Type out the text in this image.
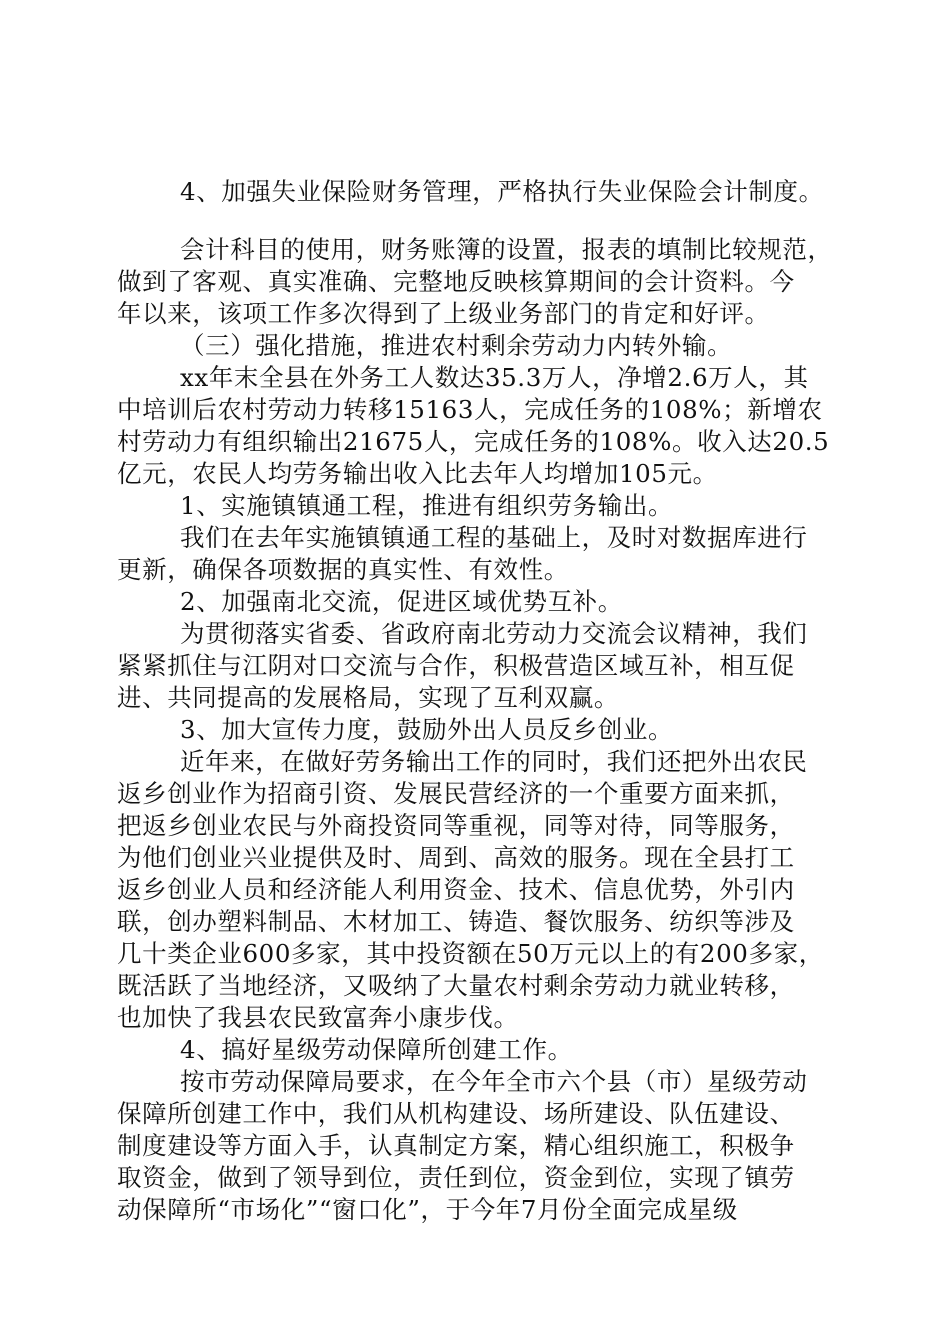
4、加强失业保险财务管理，严格执行失业保险会计制度。
会计科目的使用，财务账簿的设置，报表的填制比较规范，
做到了客观、真实准确、完整地反映核算期间的会计资料。今
年以来，该项工作多次得到了上级业务部门的肯定和好评。
（三）强化措施，推进农村剩余劳动力内转外输。
xx年末全县在外务工人数达35.3万人，净增2.6万人，其
中培训后农村劳动力转移15163人，完成任务的108%；新增农
村劳动力有组织输出21675人，完成任务的108%。收入达20.5
亿元，农民人均劳务输出收入比去年人均增加105元。
1、实施镇镇通工程，推进有组织劳务输出。
我们在去年实施镇镇通工程的基础上，及时对数据库进行
更新，确保各项数据的真实性、有效性。
2、加强南北交流，促进区域优势互补。
为贯彻落实省委、省政府南北劳动力交流会议精神，我们
紧紧抓住与江阴对口交流与合作，积极营造区域互补，相互促
进、共同提高的发展格局，实现了互利双赢。
3、加大宣传力度，鼓励外出人员反乡创业。
近年来，在做好劳务输出工作的同时，我们还把外出农民
返乡创业作为招商引资、发展民营经济的一个重要方面来抓，
把返乡创业农民与外商投资同等重视，同等对待，同等服务，
为他们创业兴业提供及时、周到、高效的服务。现在全县打工
返乡创业人员和经济能人利用资金、技术、信息优势，外引内
联，创办塑料制品、木材加工、铸造、餐饮服务、纺织等涉及
几十类企业600多家，其中投资额在50万元以上的有200多家，
既活跃了当地经济，又吸纳了大量农村剩余劳动力就业转移，
也加快了我县农民致富奔小康步伐。
4、搞好星级劳动保障所创建工作。
按市劳动保障局要求，在今年全市六个县（市）星级劳动
保障所创建工作中，我们从机构建设、场所建设、队伍建设、
制度建设等方面入手，认真制定方案，精心组织施工，积极争
取资金，做到了领导到位，责任到位，资金到位，实现了镇劳
动保障所“市场化”“窗口化”，于今年7月份全面完成星级
